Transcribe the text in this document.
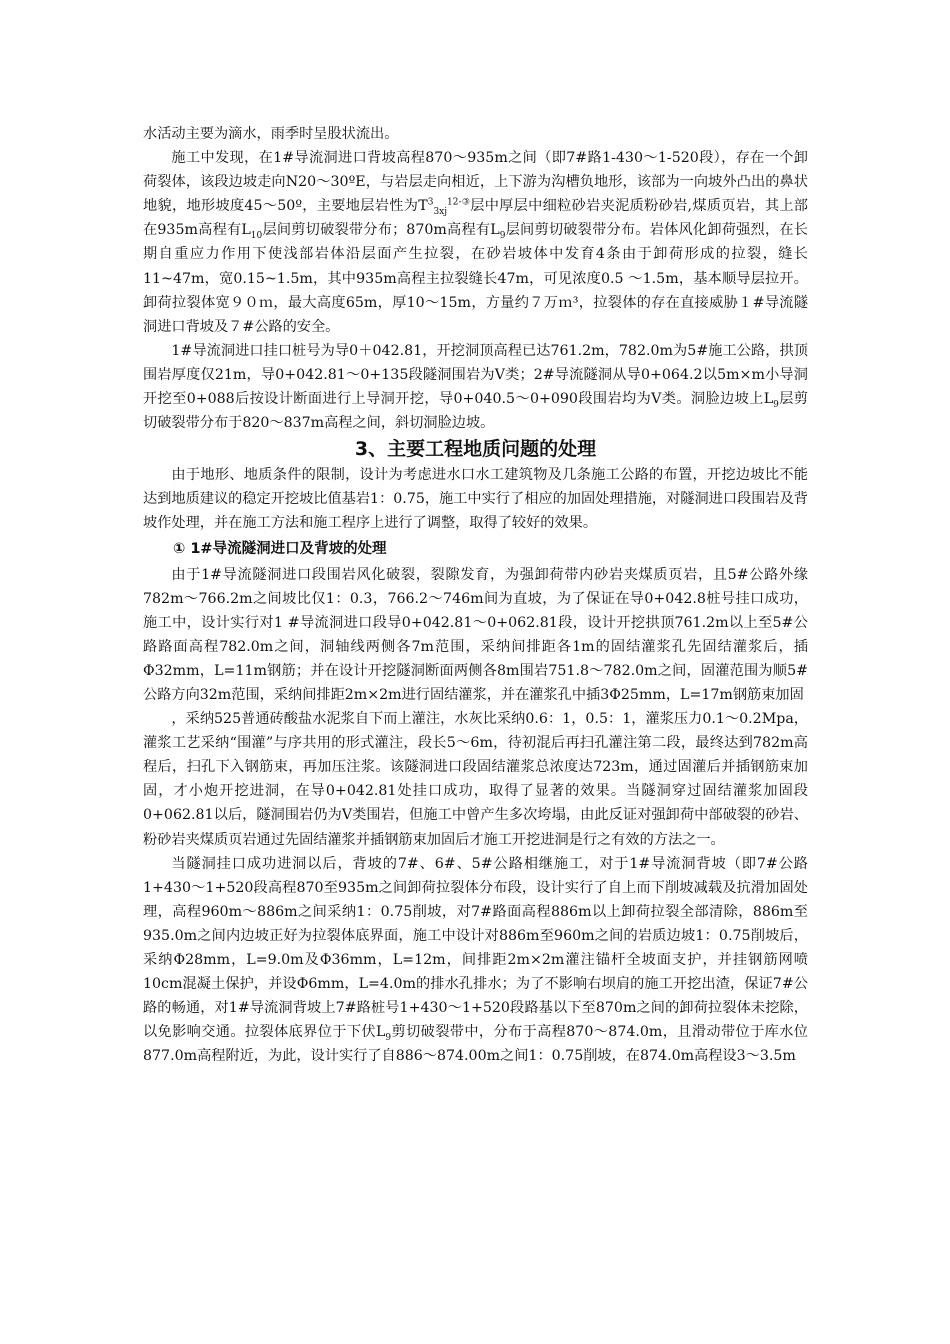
水活动主要为滴水，雨季时呈股状流出。

施工中发现，在1#导流洞进口背坡高程870～935m之间（即7#路1-430～1-520段），存在一个卸荷裂体，该段边坡走向N20～30ºE，与岩层走向相近，上下游为沟槽负地形，该部为一向坡外凸出的鼻状地貌，地形坡度45～50º，主要地层岩性为$T^3_{3xj}^{12-③}$层中厚层中细粒砂岩夹泥质粉砂岩,煤质页岩，其上部在935m高程有$L_{10}$层间剪切破裂带分布；870m高程有$L_9$层间剪切破裂带分布。岩体风化卸荷强烈，在长期自重应力作用下使浅部岩体沿层面产生拉裂，在砂岩坡体中发育4条由于卸荷形成的拉裂，缝长11~47m，宽0.15~1.5m，其中935m高程主拉裂缝长47m，可见浓度0.5 ～1.5m，基本顺导层拉开。卸荷拉裂体宽９０ｍ，最大高度65m，厚10～15m，方量约７万ｍ³，拉裂体的存在直接威胁１#导流隧洞进口背坡及７#公路的安全。

1#导流洞进口挂口桩号为导0＋042.81，开挖洞顶高程已达761.2m，782.0m为5#施工公路，拱顶围岩厚度仅21m，导0+042.81～0+135段隧洞围岩为Ⅴ类；2#导流隧洞从导0+064.2以5m×m小导洞开挖至0+088后按设计断面进行上导洞开挖，导0+040.5～0+090段围岩均为Ⅴ类。洞脸边坡上$L_9$层剪切破裂带分布于820～837m高程之间，斜切洞脸边坡。

3、主要工程地质问题的处理

由于地形、地质条件的限制，设计为考虑进水口水工建筑物及几条施工公路的布置，开挖边坡比不能达到地质建议的稳定开挖坡比值基岩1：0.75，施工中实行了相应的加固处理措施，对隧洞进口段围岩及背坡作处理，并在施工方法和施工程序上进行了调整，取得了较好的效果。

① 1#导流隧洞进口及背坡的处理

由于1#导流隧洞进口段围岩风化破裂，裂隙发育，为强卸荷带内砂岩夹煤质页岩，且5#公路外缘782m～766.2m之间坡比仅1：0.3，766.2～746m间为直坡，为了保证在导0+042.8桩号挂口成功，施工中，设计实行对1 #导流洞进口段导0+042.81～0+062.81段，设计开挖拱顶761.2m以上至5#公路路面高程782.0m之间，洞轴线两侧各7m范围，采纳间排距各1m的固结灌浆孔先固结灌浆后，插Φ32mm，L=11m钢筋；并在设计开挖隧洞断面两侧各8m围岩751.8～782.0m之间，固灌范围为顺5#公路方向32m范围，采纳间排距2m×2m进行固结灌浆，并在灌浆孔中插3Φ25mm，L=17m钢筋束加固

，采纳525普通砖酸盐水泥浆自下而上灌注，水灰比采纳0.6：1，0.5：1，灌浆压力0.1～0.2Mpa，灌浆工艺采纳“围灌”与序共用的形式灌注，段长5～6m，待初混后再扫孔灌注第二段，最终达到782m高程后，扫孔下入钢筋束，再加压注浆。该隧洞进口段固结灌浆总浓度达723m，通过固灌后并插钢筋束加固，才小炮开挖进洞，在导0+042.81处挂口成功，取得了显著的效果。当隧洞穿过固结灌浆加固段0+062.81以后，隧洞围岩仍为Ⅴ类围岩，但施工中曾产生多次垮塌，由此反证对强卸荷中部破裂的砂岩、粉砂岩夹煤质页岩通过先固结灌浆并插钢筋束加固后才施工开挖进洞是行之有效的方法之一。

当隧洞挂口成功进洞以后，背坡的7#、6#、5#公路相继施工，对于1#导流洞背坡（即7#公路1+430～1+520段高程870至935m之间卸荷拉裂体分布段，设计实行了自上而下削坡减载及抗滑加固处理，高程960m～886m之间采纳1：0.75削坡，对7#路面高程886m以上卸荷拉裂全部清除，886m至935.0m之间内边坡正好为拉裂体底界面，施工中设计对886m至960m之间的岩质边坡1：0.75削坡后，采纳Φ28mm，L=9.0m及Φ36mm，L=12m，间排距2m×2m灌注锚杆全坡面支护，并挂钢筋网喷10cm混凝土保护，并设Φ6mm，L=4.0m的排水孔排水；为了不影响右坝肩的施工开挖出渣，保证7#公路的畅通，对1#导流洞背坡上7#路桩号1+430～1+520段路基以下至870m之间的卸荷拉裂体未挖除，以免影响交通。拉裂体底界位于下伏$L_9$剪切破裂带中，分布于高程870～874.0m，且滑动带位于库水位877.0m高程附近，为此，设计实行了自886～874.00m之间1：0.75削坡，在874.0m高程设3～3.5m
